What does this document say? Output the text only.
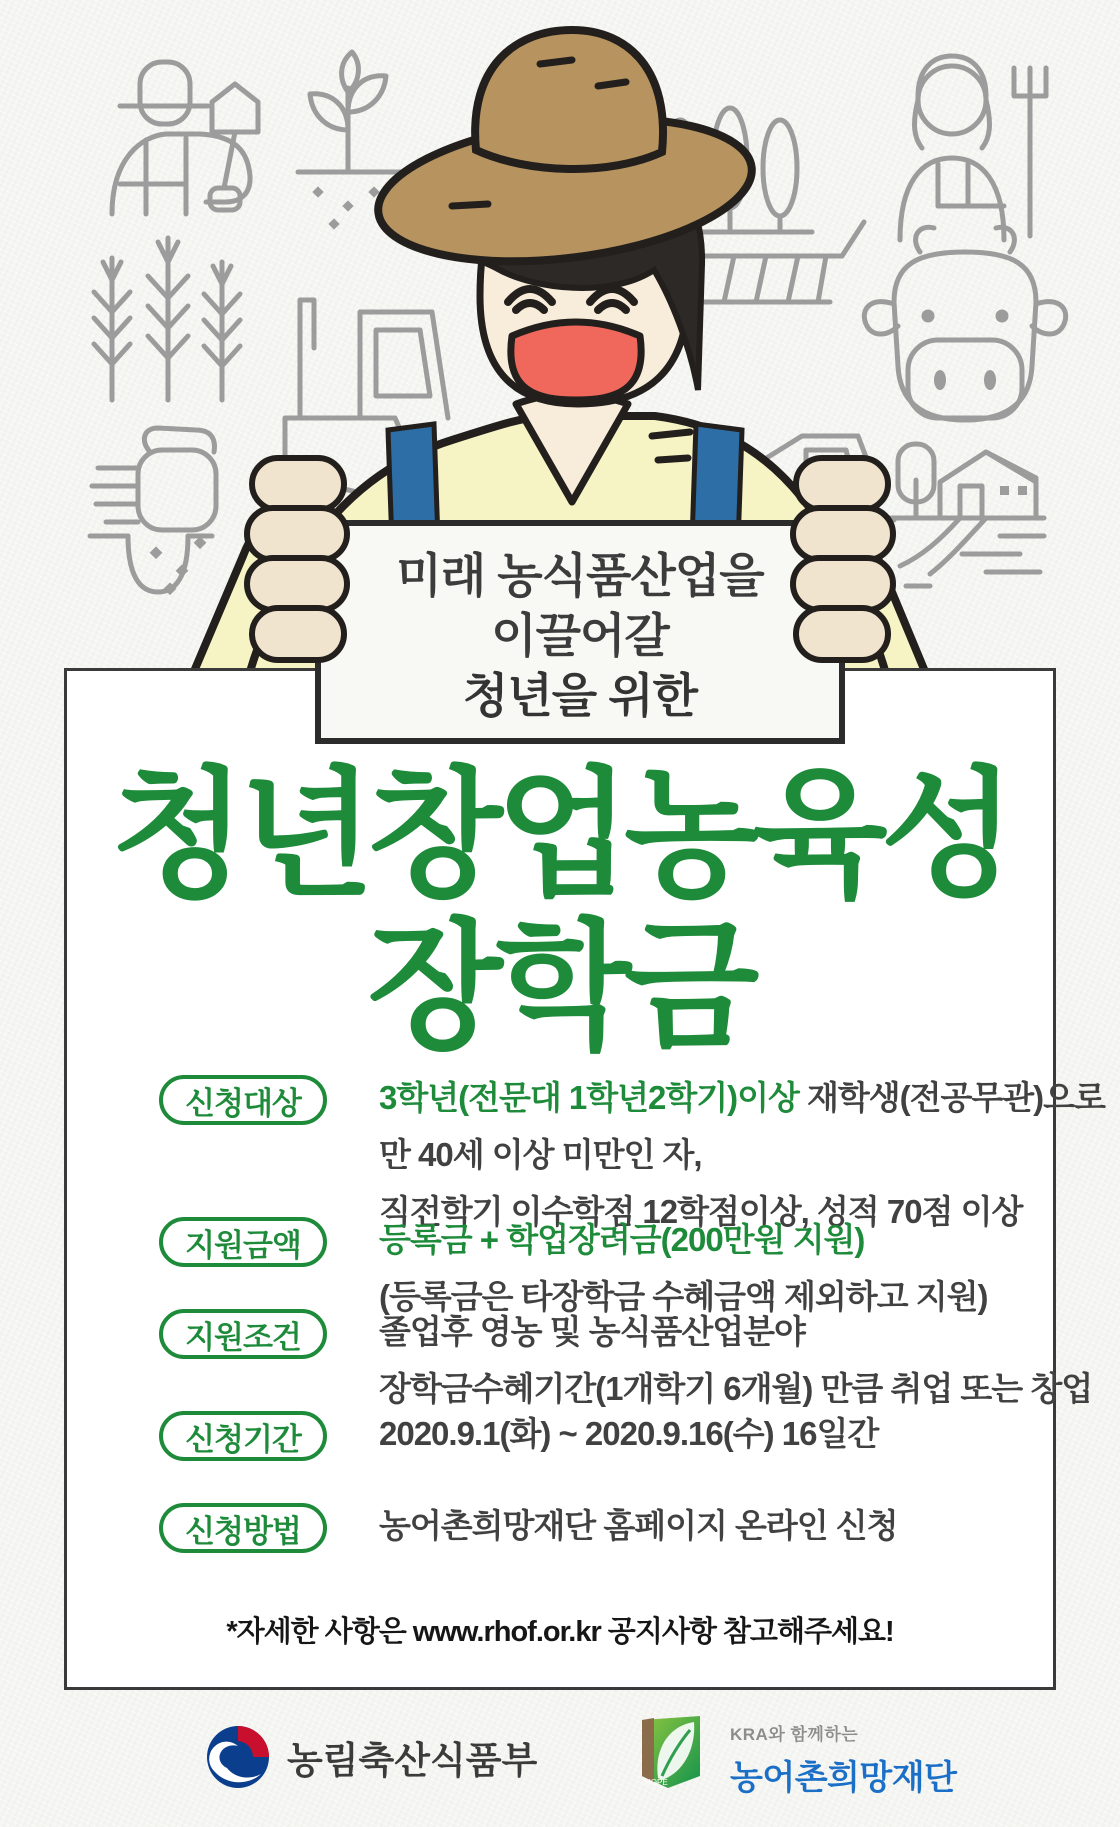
미래 농식품산업을
이끌어갈
청년을 위한
청년창업농육성
장학금
신청대상	3학년(전문대 1학년2학기)이상 재학생(전공무관)으로
만 40세 이상 미만인 자,
직전학기 이수학점 12학점이상, 성적 70점 이상
지원금액	등록금 + 학업장려금(200만원 지원)
(등록금은 타장학금 수혜금액 제외하고 지원)
지원조건	졸업후 영농 및 농식품산업분야
장학금수혜기간(1개학기 6개월) 만큼 취업 또는 창업
신청기간	2020.9.1(화) ~ 2020.9.16(수) 16일간
신청방법	농어촌희망재단 홈페이지 온라인 신청
*자세한 사항은 www.rhof.or.kr 공지사항 참고해주세요!
농림축산식품부
HOPE
KRA와 함께하는
농어촌희망재단
